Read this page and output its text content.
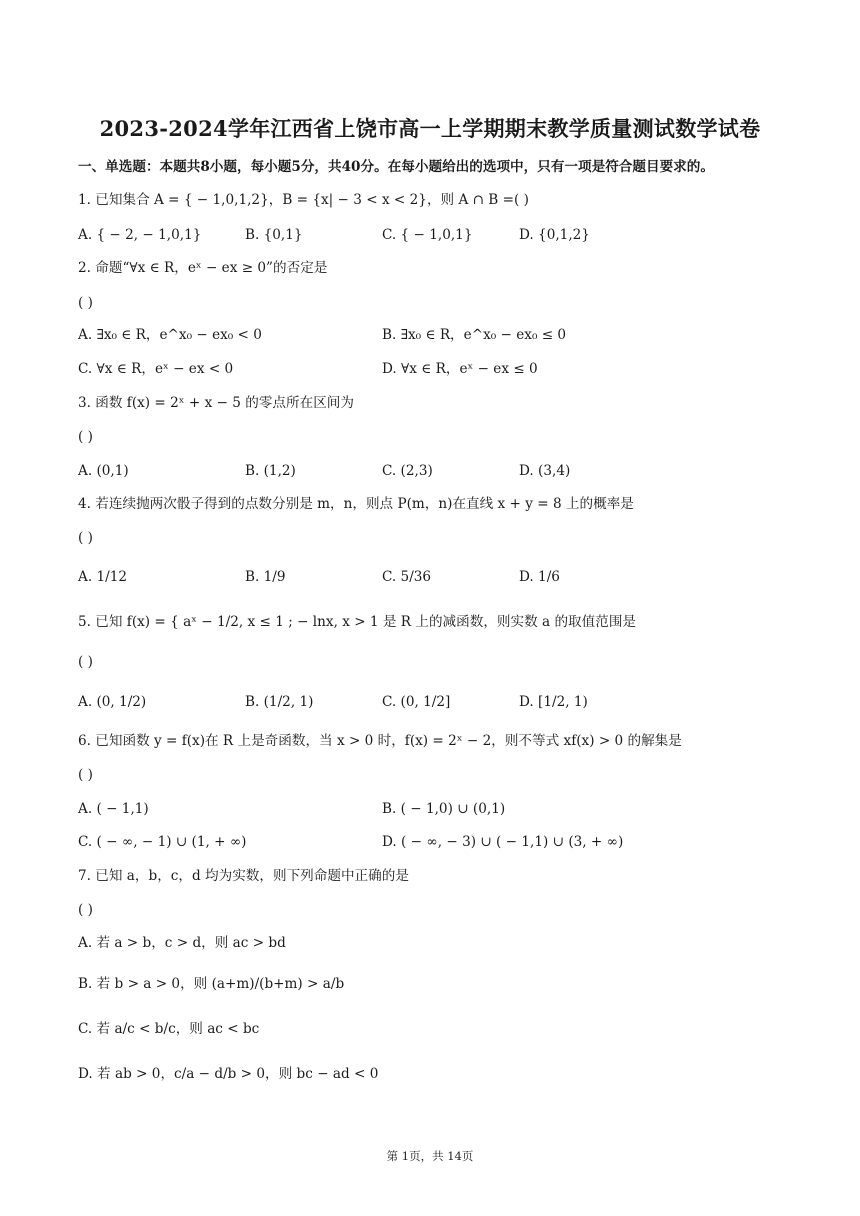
2023-2024学年江西省上饶市高一上学期期末教学质量测试数学试卷
一、单选题：本题共8小题，每小题5分，共40分。在每小题给出的选项中，只有一项是符合题目要求的。
1. 已知集合 A = { − 1,0,1,2}，B = {x| − 3 < x < 2}，则 A ∩ B =( )
A. { − 2, − 1,0,1}	B. {0,1}	C. { − 1,0,1}	D. {0,1,2}
2. 命题“∀x ∈ R，eˣ − ex ≥ 0”的否定是
( )
A. ∃x₀ ∈ R，e^x₀ − ex₀ < 0	B. ∃x₀ ∈ R，e^x₀ − ex₀ ≤ 0
C. ∀x ∈ R，eˣ − ex < 0	D. ∀x ∈ R，eˣ − ex ≤ 0
3. 函数 f(x) = 2ˣ + x − 5 的零点所在区间为
( )
A. (0,1)	B. (1,2)	C. (2,3)	D. (3,4)
4. 若连续抛两次骰子得到的点数分别是 m，n，则点 P(m，n)在直线 x + y = 8 上的概率是
( )
A. 1/12	B. 1/9	C. 5/36	D. 1/6
5. 已知 f(x) = { aˣ − 1/2, x ≤ 1 ; − lnx, x > 1 是 R 上的减函数，则实数 a 的取值范围是
( )
A. (0, 1/2)	B. (1/2, 1)	C. (0, 1/2]	D. [1/2, 1)
6. 已知函数 y = f(x)在 R 上是奇函数，当 x > 0 时，f(x) = 2ˣ − 2，则不等式 xf(x) > 0 的解集是
( )
A. ( − 1,1)	B. ( − 1,0) ∪ (0,1)
C. ( − ∞, − 1) ∪ (1, + ∞)	D. ( − ∞, − 3) ∪ ( − 1,1) ∪ (3, + ∞)
7. 已知 a，b，c，d 均为实数，则下列命题中正确的是
( )
A. 若 a > b，c > d，则 ac > bd
B. 若 b > a > 0，则 (a+m)/(b+m) > a/b
C. 若 a/c < b/c，则 ac < bc
D. 若 ab > 0，c/a − d/b > 0，则 bc − ad < 0
第 1页，共 14页
